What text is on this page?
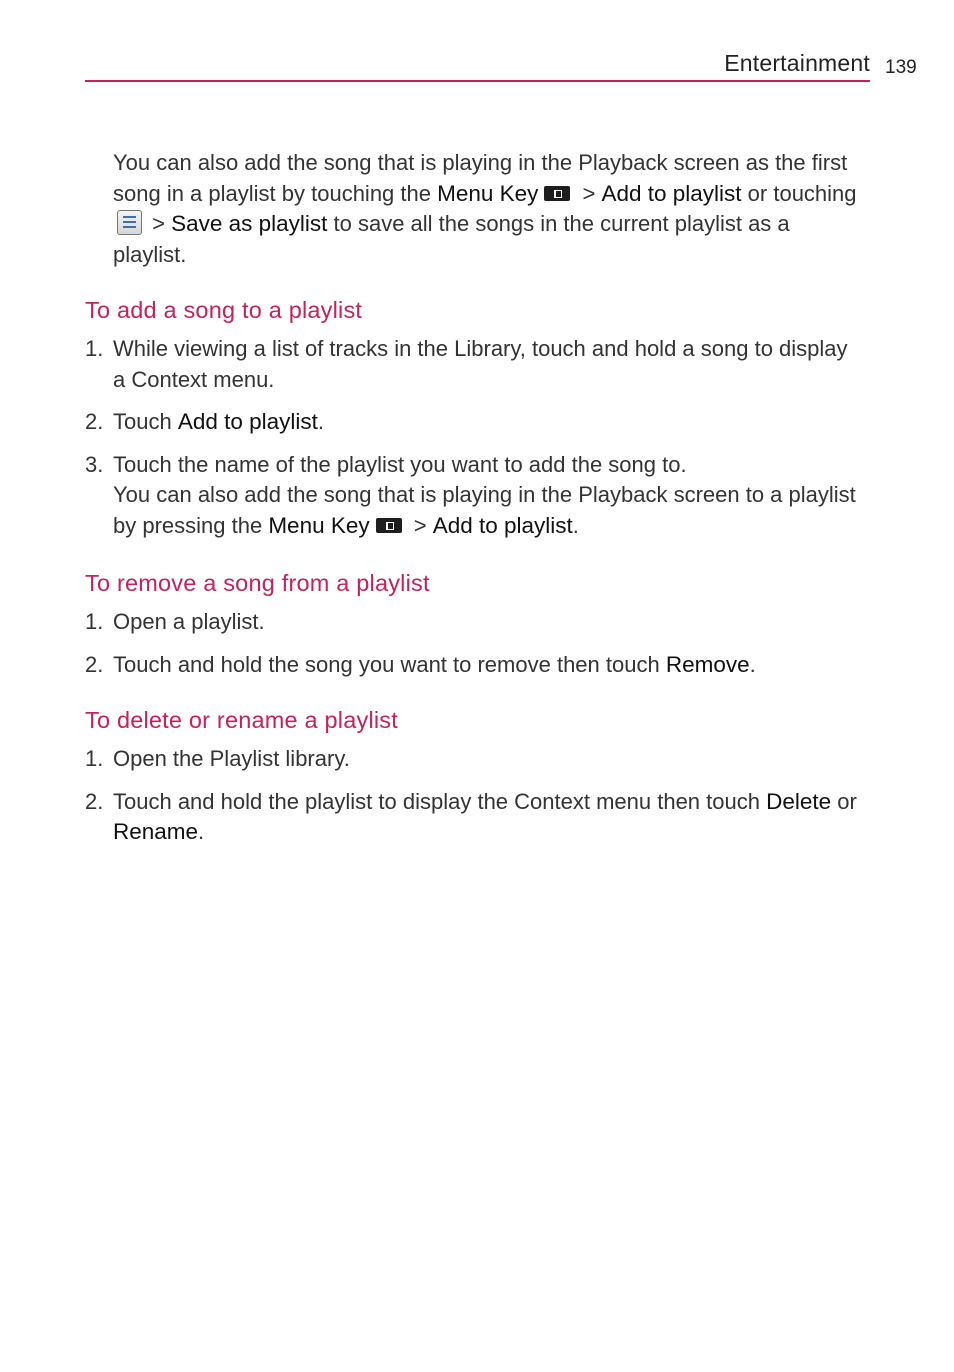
Entertainment 139

You can also add the song that is playing in the Playback screen as the first song in a playlist by touching the Menu Key > Add to playlist or touching
> Save as playlist to save all the songs in the current playlist as a playlist.

To add a song to a playlist
1. While viewing a list of tracks in the Library, touch and hold a song to display a Context menu.

2. Touch Add to playlist.

3. Touch the name of the playlist you want to add the song to.

You can also add the song that is playing in the Playback screen to a playlist by pressing the Menu Key > Add to playlist.

To remove a song from a playlist
1. Open a playlist.

2. Touch and hold the song you want to remove then touch Remove.

To delete or rename a playlist
1. Open the Playlist library.

2. Touch and hold the playlist to display the Context menu then touch Delete or Rename.
